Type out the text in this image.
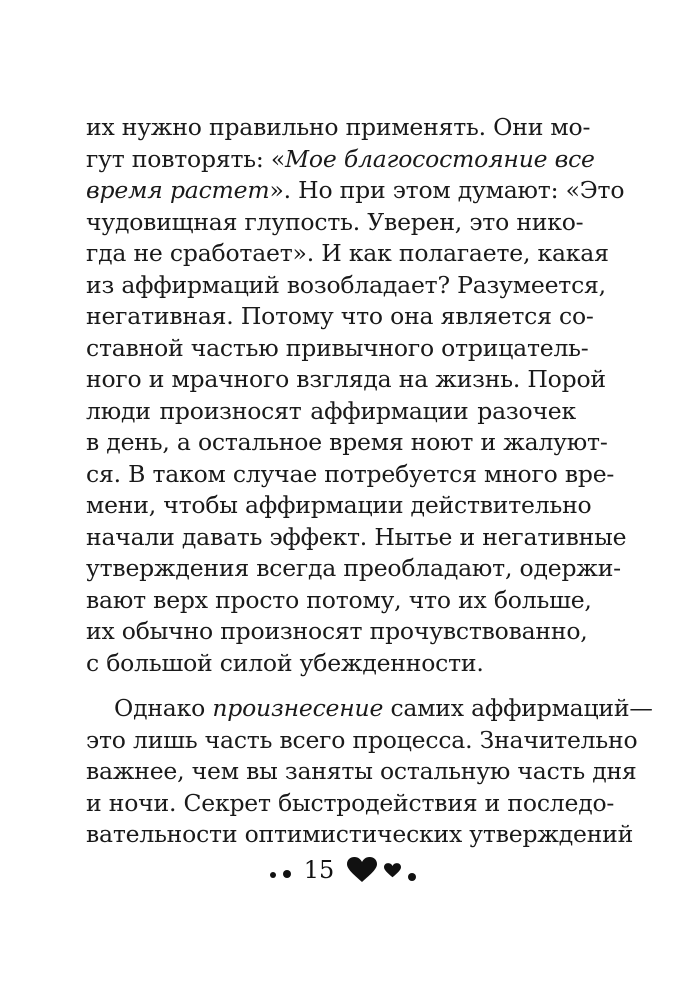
их нужно правильно применять. Они мо-
гут повторять: «Мое благосостояние все
время растет». Но при этом думают: «Это
чудовищная глупость. Уверен, это нико-
гда не сработает». И как полагаете, какая
из аффирмаций возобладает? Разумеется,
негативная. Потому что она является со-
ставной частью привычного отрицатель-
ного и мрачного взгляда на жизнь. Порой
люди произносят аффирмации разочек
в день, а остальное время ноют и жалуют-
ся. В таком случае потребуется много вре-
мени, чтобы аффирмации действительно
начали давать эффект. Нытье и негативные
утверждения всегда преобладают, одержи-
вают верх просто потому, что их больше,
их обычно произносят прочувствованно,
с большой силой убежденности.
Однако произнесение самих аффирмаций—
это лишь часть всего процесса. Значительно
важнее, чем вы заняты остальную часть дня
и ночи. Секрет быстродействия и последо-
вательности оптимистических утверждений
15
